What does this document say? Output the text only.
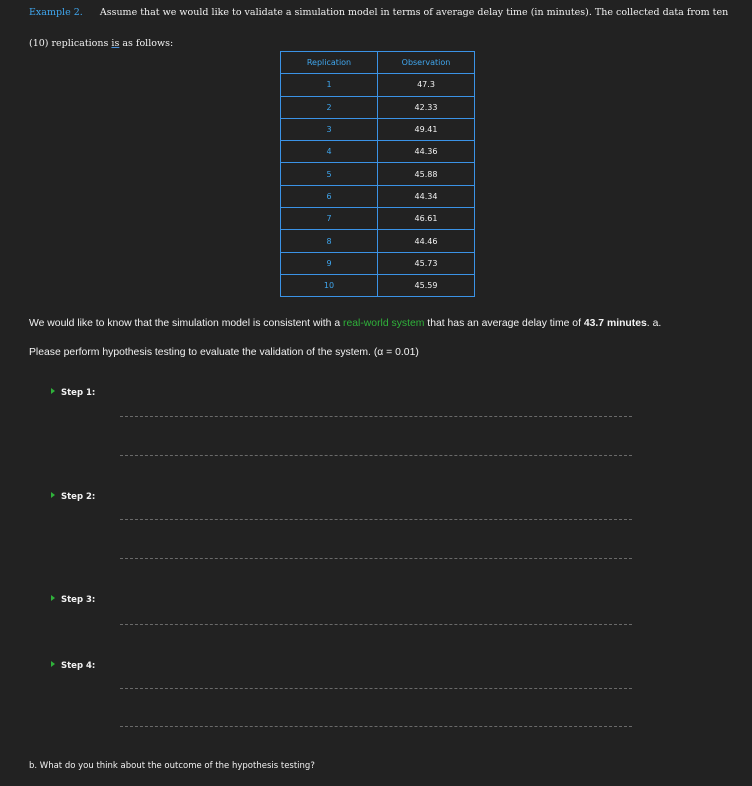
Example 2. Assume that we would like to validate a simulation model in terms of average delay time (in minutes). The collected data from ten
(10) replications is as follows:
Replication	Observation
1	47.3
2	42.33
3	49.41
4	44.36
5	45.88
6	44.34
7	46.61
8	44.46
9	45.73
10	45.59
We would like to know that the simulation model is consistent with a real-world system that has an average delay time of 43.7 minutes. a.
Please perform hypothesis testing to evaluate the validation of the system. (α = 0.01)
Step 1:
Step 2:
Step 3:
Step 4:
b. What do you think about the outcome of the hypothesis testing?
